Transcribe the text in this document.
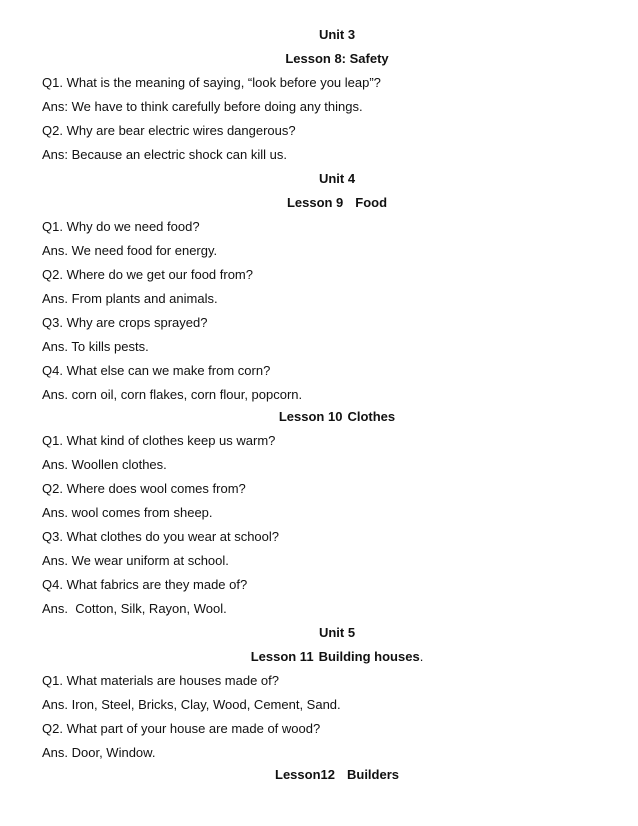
Unit 3
Lesson 8: Safety
Q1. What is the meaning of saying, “look before you leap”?
Ans: We have to think carefully before doing any things.
Q2. Why are bear electric wires dangerous?
Ans: Because an electric shock can kill us.
Unit 4
Lesson 9 Food
Q1. Why do we need food?
Ans. We need food for energy.
Q2. Where do we get our food from?
Ans. From plants and animals.
Q3. Why are crops sprayed?
Ans. To kills pests.
Q4. What else can we make from corn?
Ans. corn oil, corn flakes, corn flour, popcorn.
Lesson 10 Clothes
Q1. What kind of clothes keep us warm?
Ans. Woollen clothes.
Q2. Where does wool comes from?
Ans. wool comes from sheep.
Q3. What clothes do you wear at school?
Ans. We wear uniform at school.
Q4. What fabrics are they made of?
Ans.  Cotton, Silk, Rayon, Wool.
Unit 5
Lesson 11 Building houses.
Q1. What materials are houses made of?
Ans. Iron, Steel, Bricks, Clay, Wood, Cement, Sand.
Q2. What part of your house are made of wood?
Ans. Door, Window.
Lesson12 Builders
